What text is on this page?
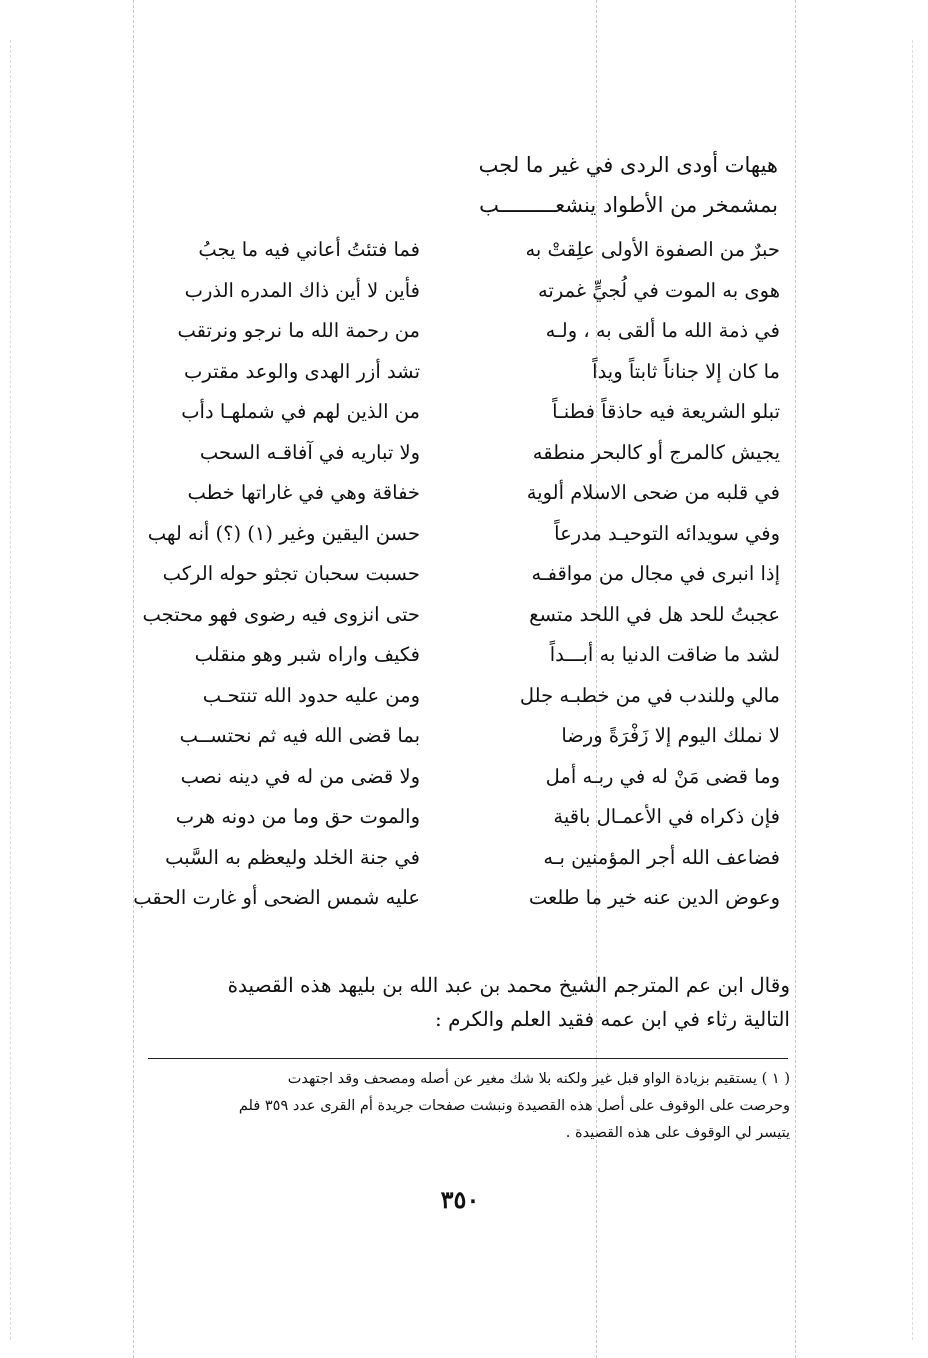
هيهات أودى الردى في غير ما لجب
بمشمخر من الأطواد ينشعـــــــــب
حبرٌ من الصفوة الأولى علِقتْ به
فما فتئتُ أعاني فيه ما يجبُ
هوى به الموت في لُجيٍّ غمرته
فأين لا أين ذاك المدره الذرب
في ذمة الله ما ألقى به ، ولـه
من رحمة الله ما نرجو ونرتقب
ما كان إلا جناناً ثابتاً ويداً
تشد أزر الهدى والوعد مقترب
تبلو الشريعة فيه حاذقاً فطنـاً
من الذين لهم في شملهـا دأب
يجيش كالمرج أو كالبحر منطقه
ولا تباريه في آفاقـه السحب
في قلبه من ضحى الاسلام ألوية
خفاقة وهي في غاراتها خطب
وفي سويدائه التوحيـد مدرعاً
حسن اليقين وغير (١) (؟) أنه لهب
إذا انبرى في مجال من مواقفـه
حسبت سحبان تجثو حوله الركب
عجبتُ للحد هل في اللحد متسع
حتى انزوى فيه رضوى فهو محتجب
لشد ما ضاقت الدنيا به أبـــداً
فكيف واراه شبر وهو منقلب
مالي وللندب في من خطبـه جلل
ومن عليه حدود الله تنتحـب
لا نملك اليوم إلا زَفْرَةً ورضا
بما قضى الله فيه ثم نحتســب
وما قضى مَنْ له في ربـه أمل
ولا قضى من له في دينه نصب
فإن ذكراه في الأعمـال باقية
والموت حق وما من دونه هرب
فضاعف الله أجر المؤمنين بـه
في جنة الخلد وليعظم به السَّبب
وعوض الدين عنه خير ما طلعت
عليه شمس الضحى أو غارت الحقب

وقال ابن عم المترجم الشيخ محمد بن عبد الله بن بليهد هذه القصيدة

التالية رثاء في ابن عمه فقيد العلم والكرم :

( ١ ) يستقيم بزيادة الواو قبل غير ولكنه بلا شك مغير عن أصله ومصحف وقد اجتهدت

وحرصت على الوقوف على أصل هذه القصيدة ونبشت صفحات جريدة أم القرى عدد ٣٥٩ فلم

يتيسر لي الوقوف على هذه القصيدة .

٣٥٠
